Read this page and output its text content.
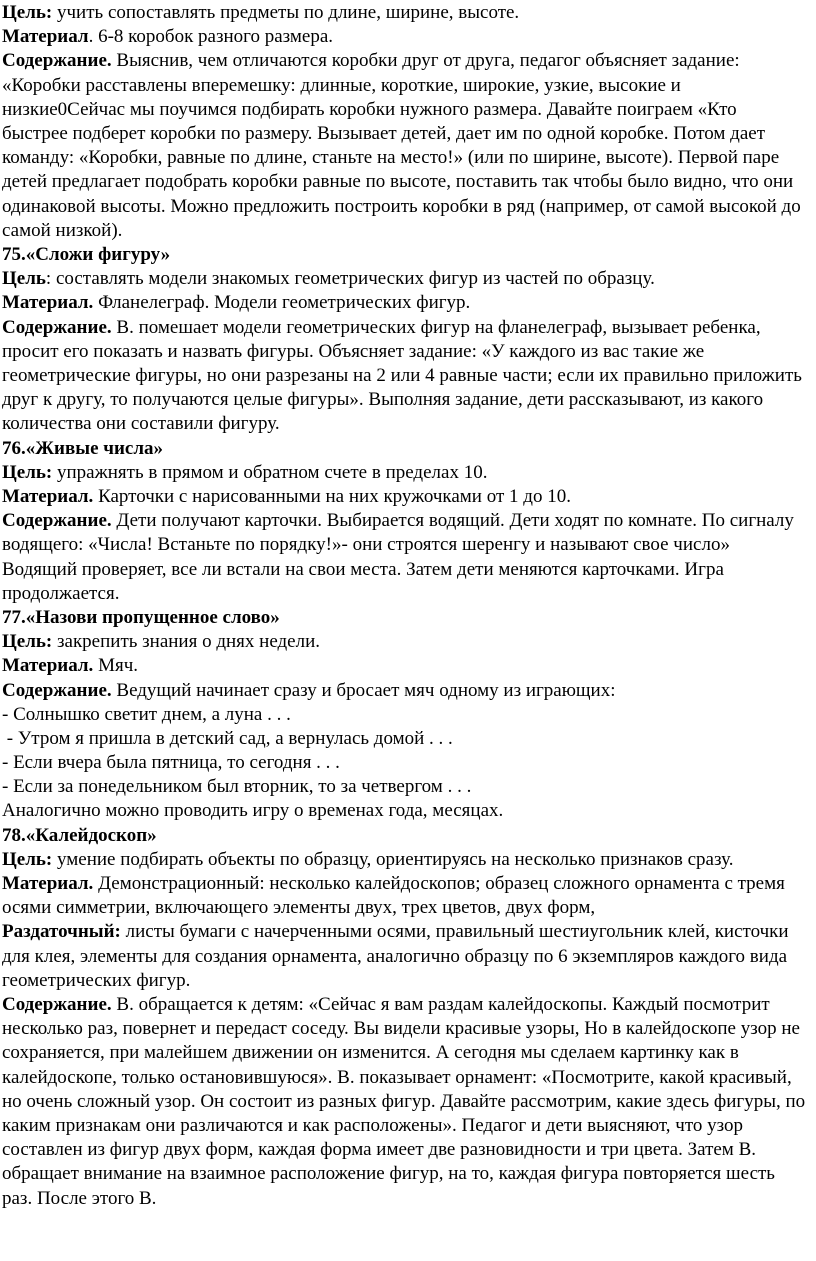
Цель: учить сопоставлять предметы по длине, ширине, высоте.
Материал. 6-8 коробок разного размера.
Содержание. Выяснив, чем отличаются коробки друг от друга, педагог объясняет задание: «Коробки расставлены вперемешку: длинные, короткие, широкие, узкие, высокие и низкие0Сейчас мы поучимся подбирать коробки нужного размера. Давайте поиграем «Кто быстрее подберет коробки по размеру. Вызывает детей, дает им по одной коробке. Потом дает команду: «Коробки, равные по длине, станьте на место!» (или по ширине, высоте). Первой паре детей предлагает подобрать коробки равные по высоте, поставить так чтобы было видно, что они одинаковой высоты. Можно предложить построить коробки в ряд (например, от самой высокой до самой низкой).
75.«Сложи фигуру»
Цель: составлять модели знакомых геометрических фигур из частей по образцу.
Материал. Фланелеграф. Модели геометрических фигур.
Содержание. В. помешает модели геометрических фигур на фланелеграф, вызывает ребенка, просит его показать и назвать фигуры. Объясняет задание: «У каждого из вас такие же геометрические фигуры, но они разрезаны на 2 или 4 равные части; если их правильно приложить друг к другу, то получаются целые фигуры». Выполняя задание, дети рассказывают, из какого количества они составили фигуру.
76.«Живые числа»
Цель: упражнять в прямом и обратном счете в пределах 10.
Материал. Карточки с нарисованными на них кружочками от 1 до 10.
Содержание. Дети получают карточки. Выбирается водящий. Дети ходят по комнате. По сигналу водящего: «Числа! Встаньте по порядку!»- они строятся шеренгу и называют свое число» Водящий проверяет, все ли встали на свои места. Затем дети меняются карточками. Игра продолжается.
77.«Назови пропущенное слово»
Цель: закрепить знания о днях недели.
Материал. Мяч.
Содержание. Ведущий начинает сразу и бросает мяч одному из играющих:
- Солнышко светит днем, а луна . . .
- Утром я пришла в детский сад, а вернулась домой . . .
- Если вчера была пятница, то сегодня . . .
- Если за понедельником был вторник, то за четвергом . . .
Аналогично можно проводить игру о временах года, месяцах.
78.«Калейдоскоп»
Цель: умение подбирать объекты по образцу, ориентируясь на несколько признаков сразу.
Материал. Демонстрационный: несколько калейдоскопов; образец сложного орнамента с тремя осями симметрии, включающего элементы двух, трех цветов, двух форм,
Раздаточный: листы бумаги с начерченными осями, правильный шестиугольник клей, кисточки для клея, элементы для создания орнамента, аналогично образцу по 6 экземпляров каждого вида геометрических фигур.
Содержание. В. обращается к детям: «Сейчас я вам раздам калейдоскопы. Каждый посмотрит несколько раз, повернет и передаст соседу. Вы видели красивые узоры, Но в калейдоскопе узор не сохраняется, при малейшем движении он изменится. А сегодня мы сделаем картинку как в калейдоскопе, только остановившуюся». В. показывает орнамент: «Посмотрите, какой красивый, но очень сложный узор. Он состоит из разных фигур. Давайте рассмотрим, какие здесь фигуры, по каким признакам они различаются и как расположены». Педагог и дети выясняют, что узор составлен из фигур двух форм, каждая форма имеет две разновидности и три цвета. Затем В. обращает внимание на взаимное расположение фигур, на то, каждая фигура повторяется шесть раз. После этого В.
